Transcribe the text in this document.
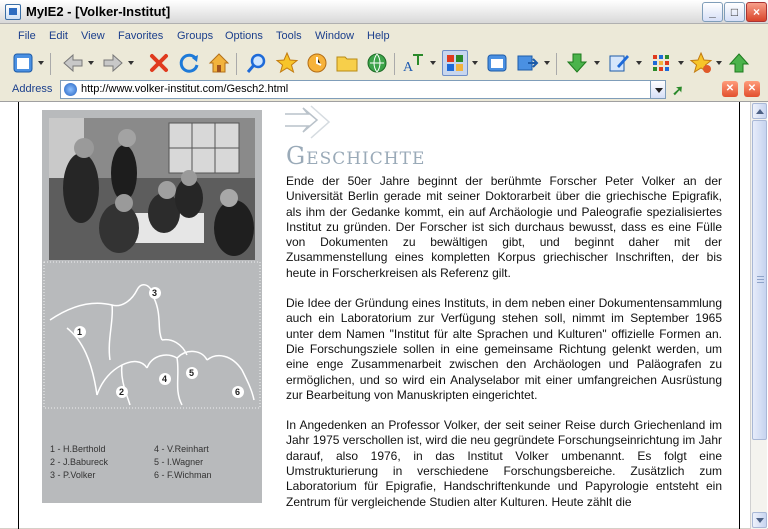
MyIE2 - [Volker-Institut]	_	□	×
File Edit View Favorites Groups Options Tools Window Help
A
Address	http://www.volker-institut.com/Gesch2.html	➚	✕	✕
1
2
3
4
5
6
Geschichte

Ende der 50er Jahre beginnt der berühmte Forscher Peter Volker an der Universität Berlin gerade mit seiner Doktorarbeit über die griechische Epigrafik, als ihm der Gedanke kommt, ein auf Archäologie und Paleografie spezialisiertes Institut zu gründen. Der Forscher ist sich durchaus bewusst, dass es eine Fülle von Dokumenten zu bewältigen gibt, und beginnt daher mit der Zusammenstellung eines kompletten Korpus griechischer Inschriften, der bis heute in Forscherkreisen als Referenz gilt.

Die Idee der Gründung eines Instituts, in dem neben einer Dokumentensammlung auch ein Laboratorium zur Verfügung stehen soll, nimmt im September 1965 unter dem Namen "Institut für alte Sprachen und Kulturen" offizielle Formen an. Die Forschungsziele sollen in eine gemeinsame Richtung gelenkt werden, um eine enge Zusammenarbeit zwischen den Archäologen und Paläografen zu ermöglichen, und so wird ein Analyselabor mit einer umfangreichen Ausrüstung zur Bearbeitung von Manuskripten eingerichtet.

In Angedenken an Professor Volker, der seit seiner Reise durch Griechenland im Jahr 1975 verschollen ist, wird die neu gegründete Forschungseinrichtung im Jahr darauf, also 1976, in das Institut Volker umbenannt. Es folgt eine Umstrukturierung in verschiedene Forschungsbereiche. Zusätzlich zum Laboratorium für Epigrafie, Handschriftenkunde und Papyrologie entsteht ein Zentrum für vergleichende Studien alter Kulturen. Heute zählt die

1 - H.Berthold	4 - V.Reinhart
2 - J.Babureck	5 - I.Wagner
3 - P.Volker	6 - F.Wichman
